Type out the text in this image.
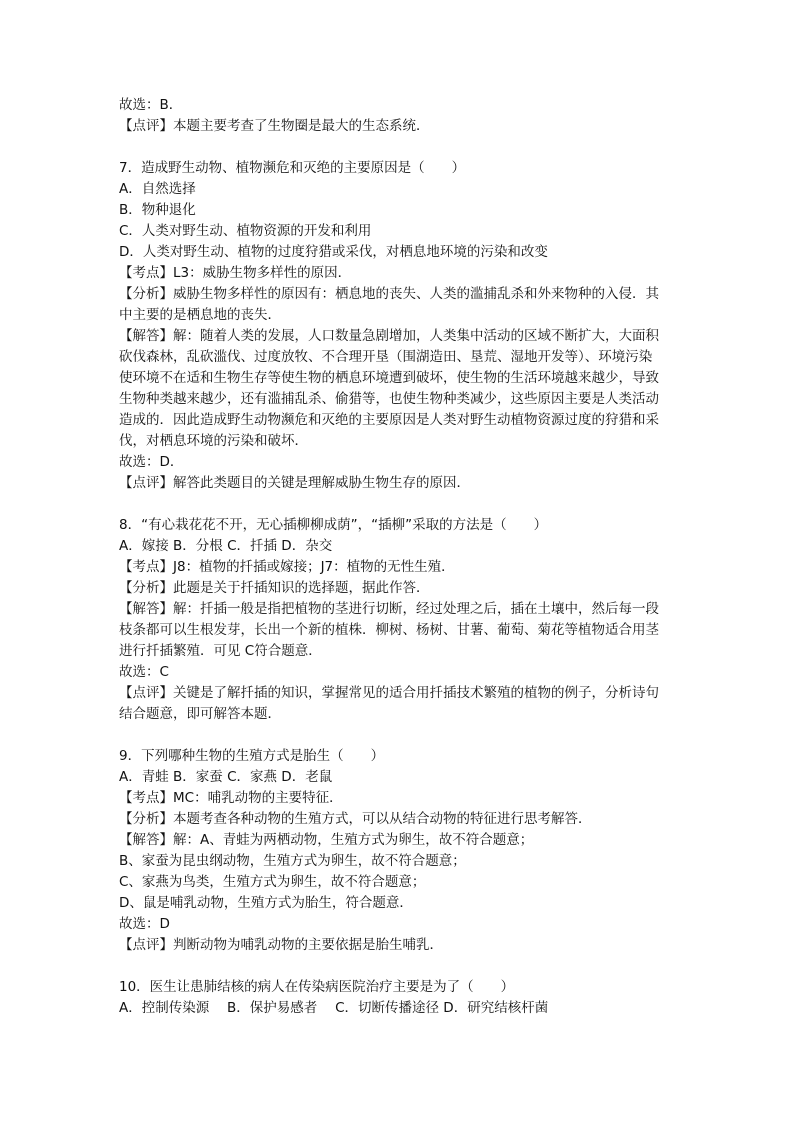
故选：B．
【点评】本题主要考查了生物圈是最大的生态系统．
7．造成野生动物、植物濒危和灭绝的主要原因是（　　）
A．自然选择
B．物种退化
C．人类对野生动、植物资源的开发和利用
D．人类对野生动、植物的过度狩猎或采伐，对栖息地环境的污染和改变
【考点】L3：威胁生物多样性的原因．
【分析】威胁生物多样性的原因有：栖息地的丧失、人类的滥捕乱杀和外来物种的入侵．其
中主要的是栖息地的丧失．
【解答】解：随着人类的发展，人口数量急剧增加，人类集中活动的区域不断扩大，大面积
砍伐森林，乱砍滥伐、过度放牧、不合理开垦（围湖造田、垦荒、湿地开发等）、环境污染
使环境不在适和生物生存等使生物的栖息环境遭到破坏，使生物的生活环境越来越少，导致
生物种类越来越少，还有滥捕乱杀、偷猎等，也使生物种类减少，这些原因主要是人类活动
造成的．因此造成野生动物濒危和灭绝的主要原因是人类对野生动植物资源过度的狩猎和采
伐，对栖息环境的污染和破坏．
故选：D．
【点评】解答此类题目的关键是理解威胁生物生存的原因．
8．“有心栽花花不开，无心插柳柳成荫”，“插柳”采取的方法是（　　）
A．嫁接 B．分根 C．扦插 D．杂交
【考点】J8：植物的扦插或嫁接；J7：植物的无性生殖．
【分析】此题是关于扦插知识的选择题，据此作答．
【解答】解：扦插一般是指把植物的茎进行切断，经过处理之后，插在土壤中，然后每一段
枝条都可以生根发芽，长出一个新的植株．柳树、杨树、甘薯、葡萄、菊花等植物适合用茎
进行扦插繁殖．可见 C符合题意．
故选：C
【点评】关键是了解扦插的知识，掌握常见的适合用扦插技术繁殖的植物的例子，分析诗句
结合题意，即可解答本题．
9．下列哪种生物的生殖方式是胎生（　　）
A．青蛙 B．家蚕 C．家燕 D．老鼠
【考点】MC：哺乳动物的主要特征．
【分析】本题考查各种动物的生殖方式，可以从结合动物的特征进行思考解答．
【解答】解：A、青蛙为两栖动物，生殖方式为卵生，故不符合题意；
B、家蚕为昆虫纲动物，生殖方式为卵生，故不符合题意；
C、家燕为鸟类，生殖方式为卵生，故不符合题意；
D、鼠是哺乳动物，生殖方式为胎生，符合题意．
故选：D
【点评】判断动物为哺乳动物的主要依据是胎生哺乳．
10．医生让患肺结核的病人在传染病医院治疗主要是为了（　　）
A．控制传染源　 B．保护易感者　 C．切断传播途径 D．研究结核杆菌
